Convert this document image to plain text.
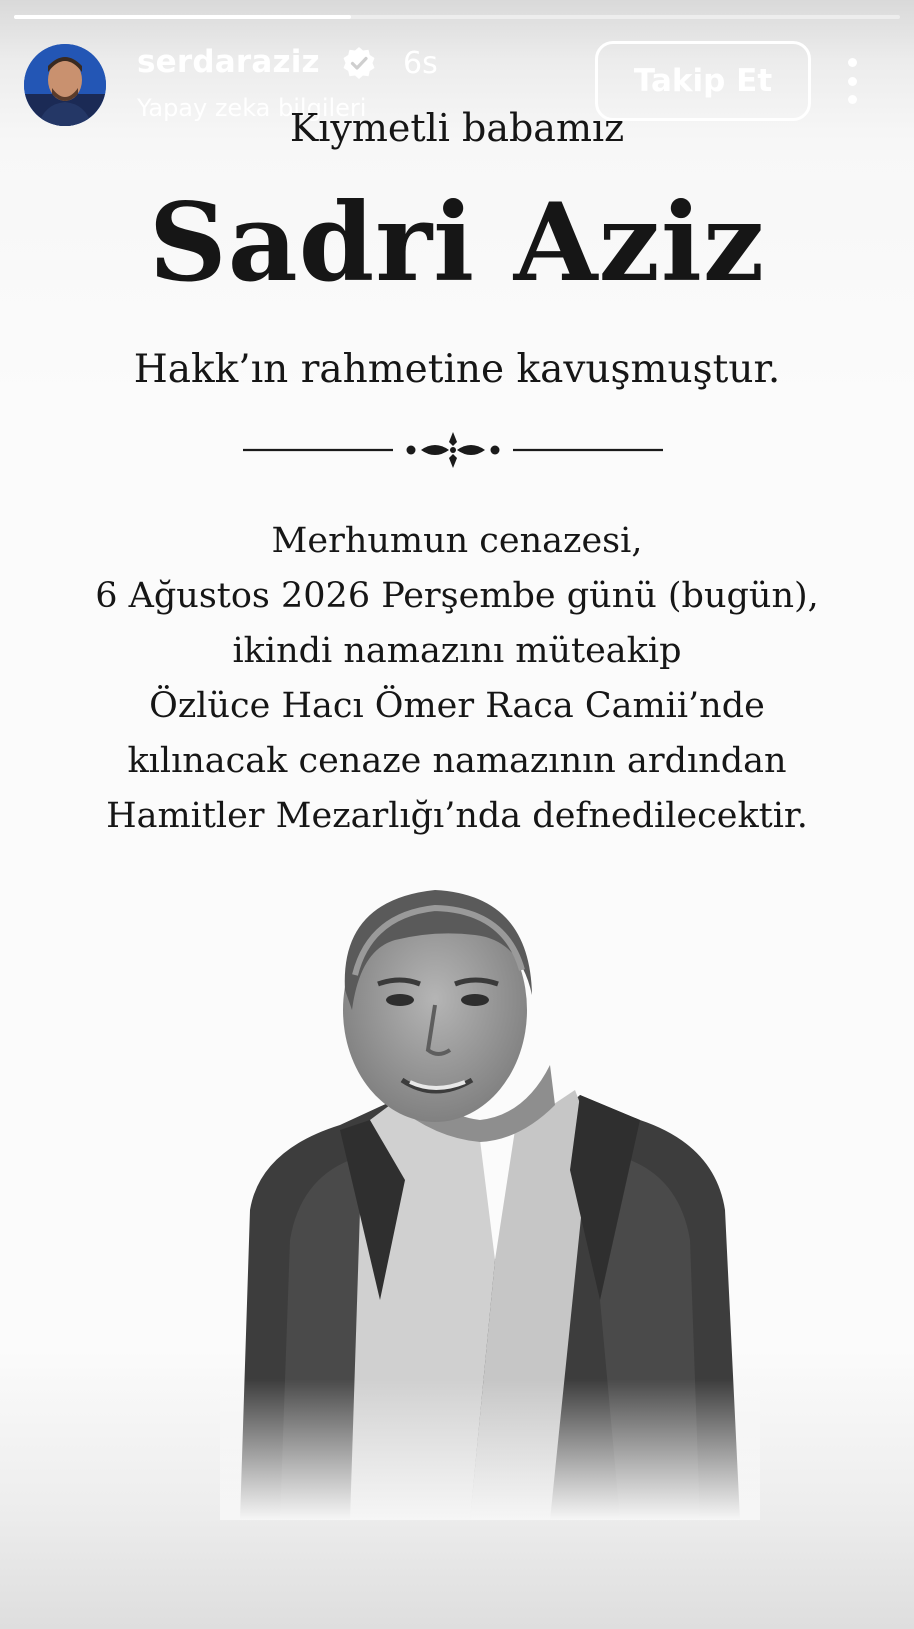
serdaraziz	6s
Yapay zeka bilgileri
Takip Et
Kıymetli babamız
Sadri Aziz
Hakk’ın rahmetine kavuşmuştur.
Merhumun cenazesi,
6 Ağustos 2026 Perşembe günü (bugün),
ikindi namazını müteakip
Özlüce Hacı Ömer Raca Camii’nde
kılınacak cenaze namazının ardından
Hamitler Mezarlığı’nda defnedilecektir.
